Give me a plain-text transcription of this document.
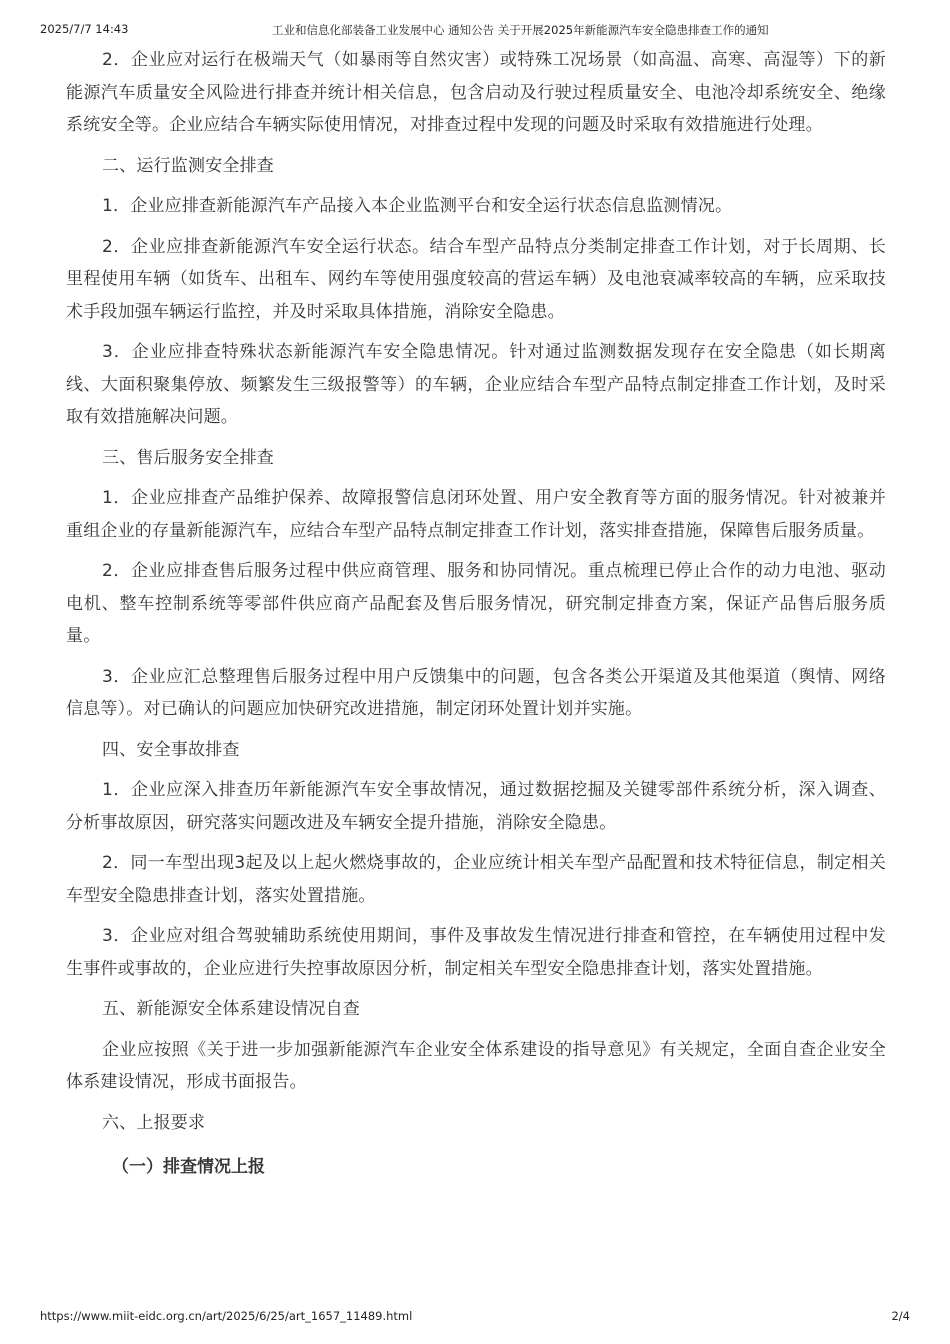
2025/7/7 14:43	工业和信息化部装备工业发展中心 通知公告 关于开展2025年新能源汽车安全隐患排查工作的通知

2．企业应对运行在极端天气（如暴雨等自然灾害）或特殊工况场景（如高温、高寒、高湿等）下的新能源汽车质量安全风险进行排查并统计相关信息，包含启动及行驶过程质量安全、电池冷却系统安全、绝缘系统安全等。企业应结合车辆实际使用情况，对排查过程中发现的问题及时采取有效措施进行处理。

二、运行监测安全排查

1．企业应排查新能源汽车产品接入本企业监测平台和安全运行状态信息监测情况。

2．企业应排查新能源汽车安全运行状态。结合车型产品特点分类制定排查工作计划，对于长周期、长里程使用车辆（如货车、出租车、网约车等使用强度较高的营运车辆）及电池衰减率较高的车辆，应采取技术手段加强车辆运行监控，并及时采取具体措施，消除安全隐患。

3．企业应排查特殊状态新能源汽车安全隐患情况。针对通过监测数据发现存在安全隐患（如长期离线、大面积聚集停放、频繁发生三级报警等）的车辆，企业应结合车型产品特点制定排查工作计划，及时采取有效措施解决问题。

三、售后服务安全排查

1．企业应排查产品维护保养、故障报警信息闭环处置、用户安全教育等方面的服务情况。针对被兼并重组企业的存量新能源汽车，应结合车型产品特点制定排查工作计划，落实排查措施，保障售后服务质量。

2．企业应排查售后服务过程中供应商管理、服务和协同情况。重点梳理已停止合作的动力电池、驱动电机、整车控制系统等零部件供应商产品配套及售后服务情况，研究制定排查方案，保证产品售后服务质量。

3．企业应汇总整理售后服务过程中用户反馈集中的问题，包含各类公开渠道及其他渠道（舆情、网络信息等）。对已确认的问题应加快研究改进措施，制定闭环处置计划并实施。

四、安全事故排查

1．企业应深入排查历年新能源汽车安全事故情况，通过数据挖掘及关键零部件系统分析，深入调查、分析事故原因，研究落实问题改进及车辆安全提升措施，消除安全隐患。

2．同一车型出现3起及以上起火燃烧事故的，企业应统计相关车型产品配置和技术特征信息，制定相关车型安全隐患排查计划，落实处置措施。

3．企业应对组合驾驶辅助系统使用期间，事件及事故发生情况进行排查和管控，在车辆使用过程中发生事件或事故的，企业应进行失控事故原因分析，制定相关车型安全隐患排查计划，落实处置措施。

五、新能源安全体系建设情况自查

企业应按照《关于进一步加强新能源汽车企业安全体系建设的指导意见》有关规定，全面自查企业安全体系建设情况，形成书面报告。

六、上报要求

（一）排查情况上报
https://www.miit-eidc.org.cn/art/2025/6/25/art_1657_11489.html	2/4
